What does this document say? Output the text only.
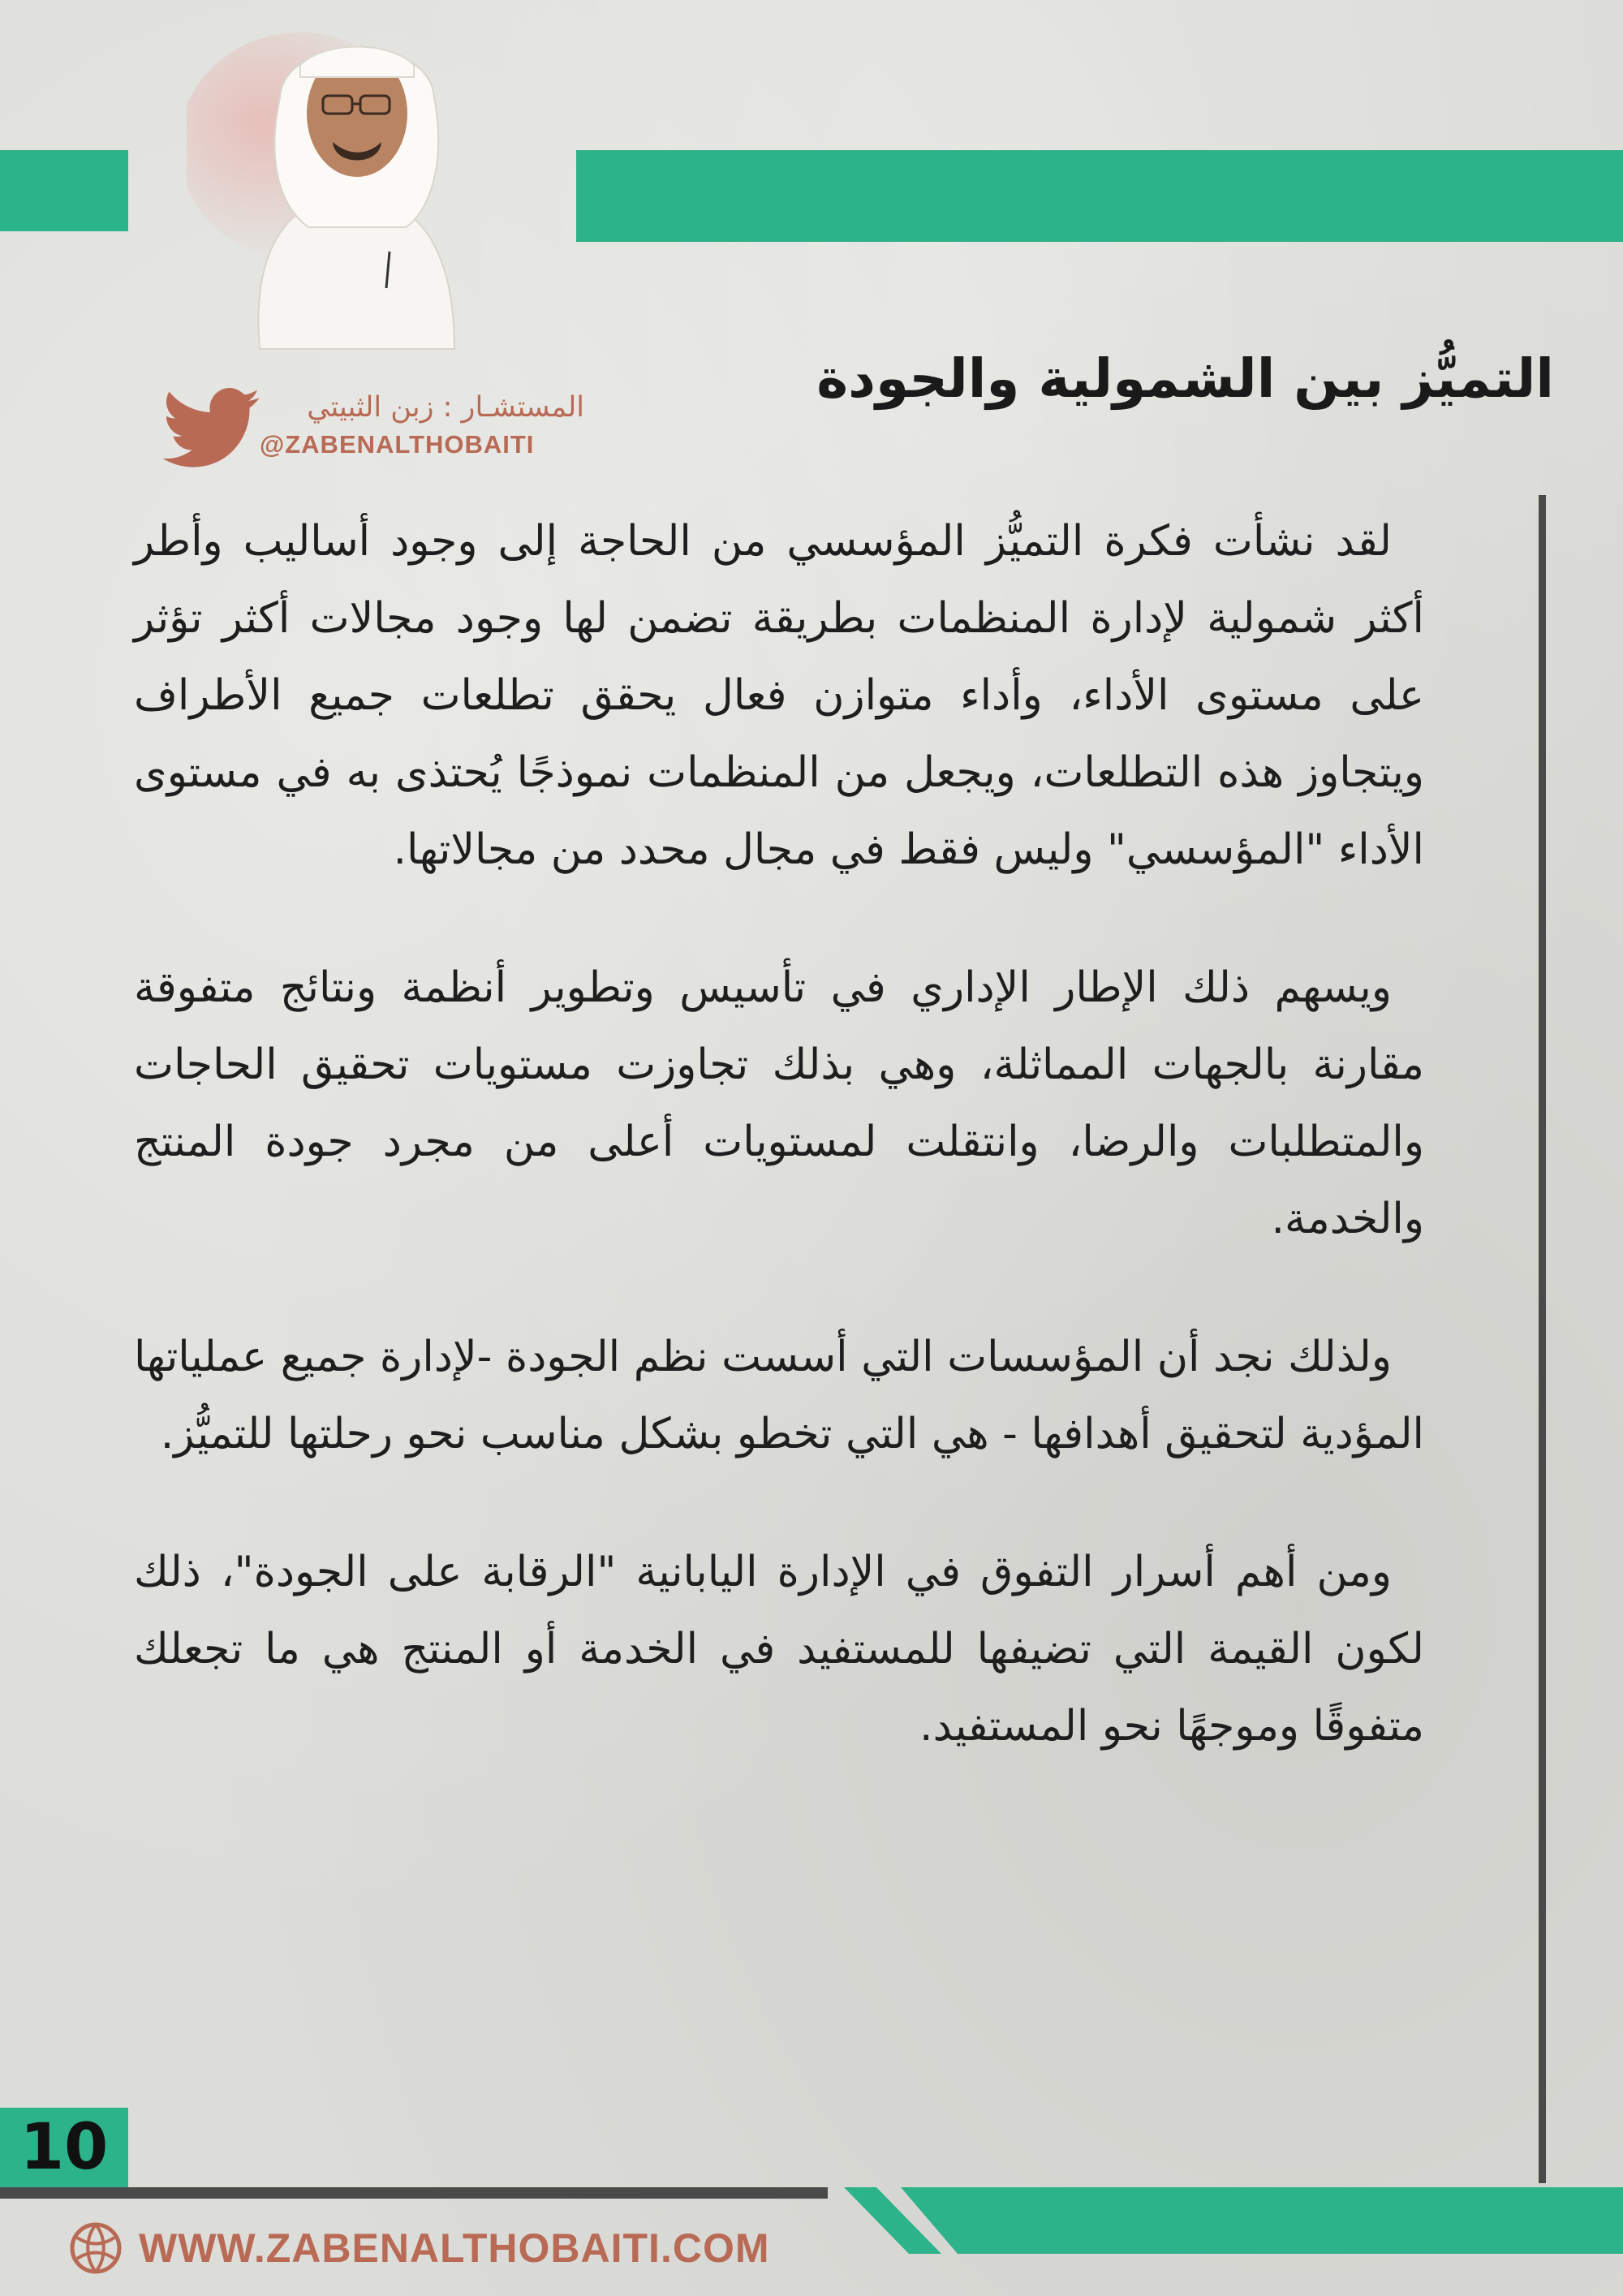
المستشـار : زبن الثبيتي
@ZABENALTHOBAITI
التميُّز بين الشمولية والجودة

لقد نشأت فكرة التميُّز المؤسسي من الحاجة إلى وجود أساليب وأطر أكثر شمولية لإدارة المنظمات بطريقة تضمن لها وجود مجالات أكثر تؤثر على مستوى الأداء، وأداء متوازن فعال يحقق تطلعات جميع الأطراف ويتجاوز هذه التطلعات، ويجعل من المنظمات نموذجًا يُحتذى به في مستوى الأداء "المؤسسي" وليس فقط في مجال محدد من مجالاتها.

ويسهم ذلك الإطار الإداري في تأسيس وتطوير أنظمة ونتائج متفوقة مقارنة بالجهات المماثلة، وهي بذلك تجاوزت مستويات تحقيق الحاجات والمتطلبات والرضا، وانتقلت لمستويات أعلى من مجرد جودة المنتج والخدمة.

ولذلك نجد أن المؤسسات التي أسست نظم الجودة -لإدارة جميع عملياتها المؤدية لتحقيق أهدافها - هي التي تخطو بشكل مناسب نحو رحلتها للتميُّز.

ومن أهم أسرار التفوق في الإدارة اليابانية "الرقابة على الجودة"، ذلك لكون القيمة التي تضيفها للمستفيد في الخدمة أو المنتج هي ما تجعلك متفوقًا وموجهًا نحو المستفيد.

10
WWW.ZABENALTHOBAITI.COM
